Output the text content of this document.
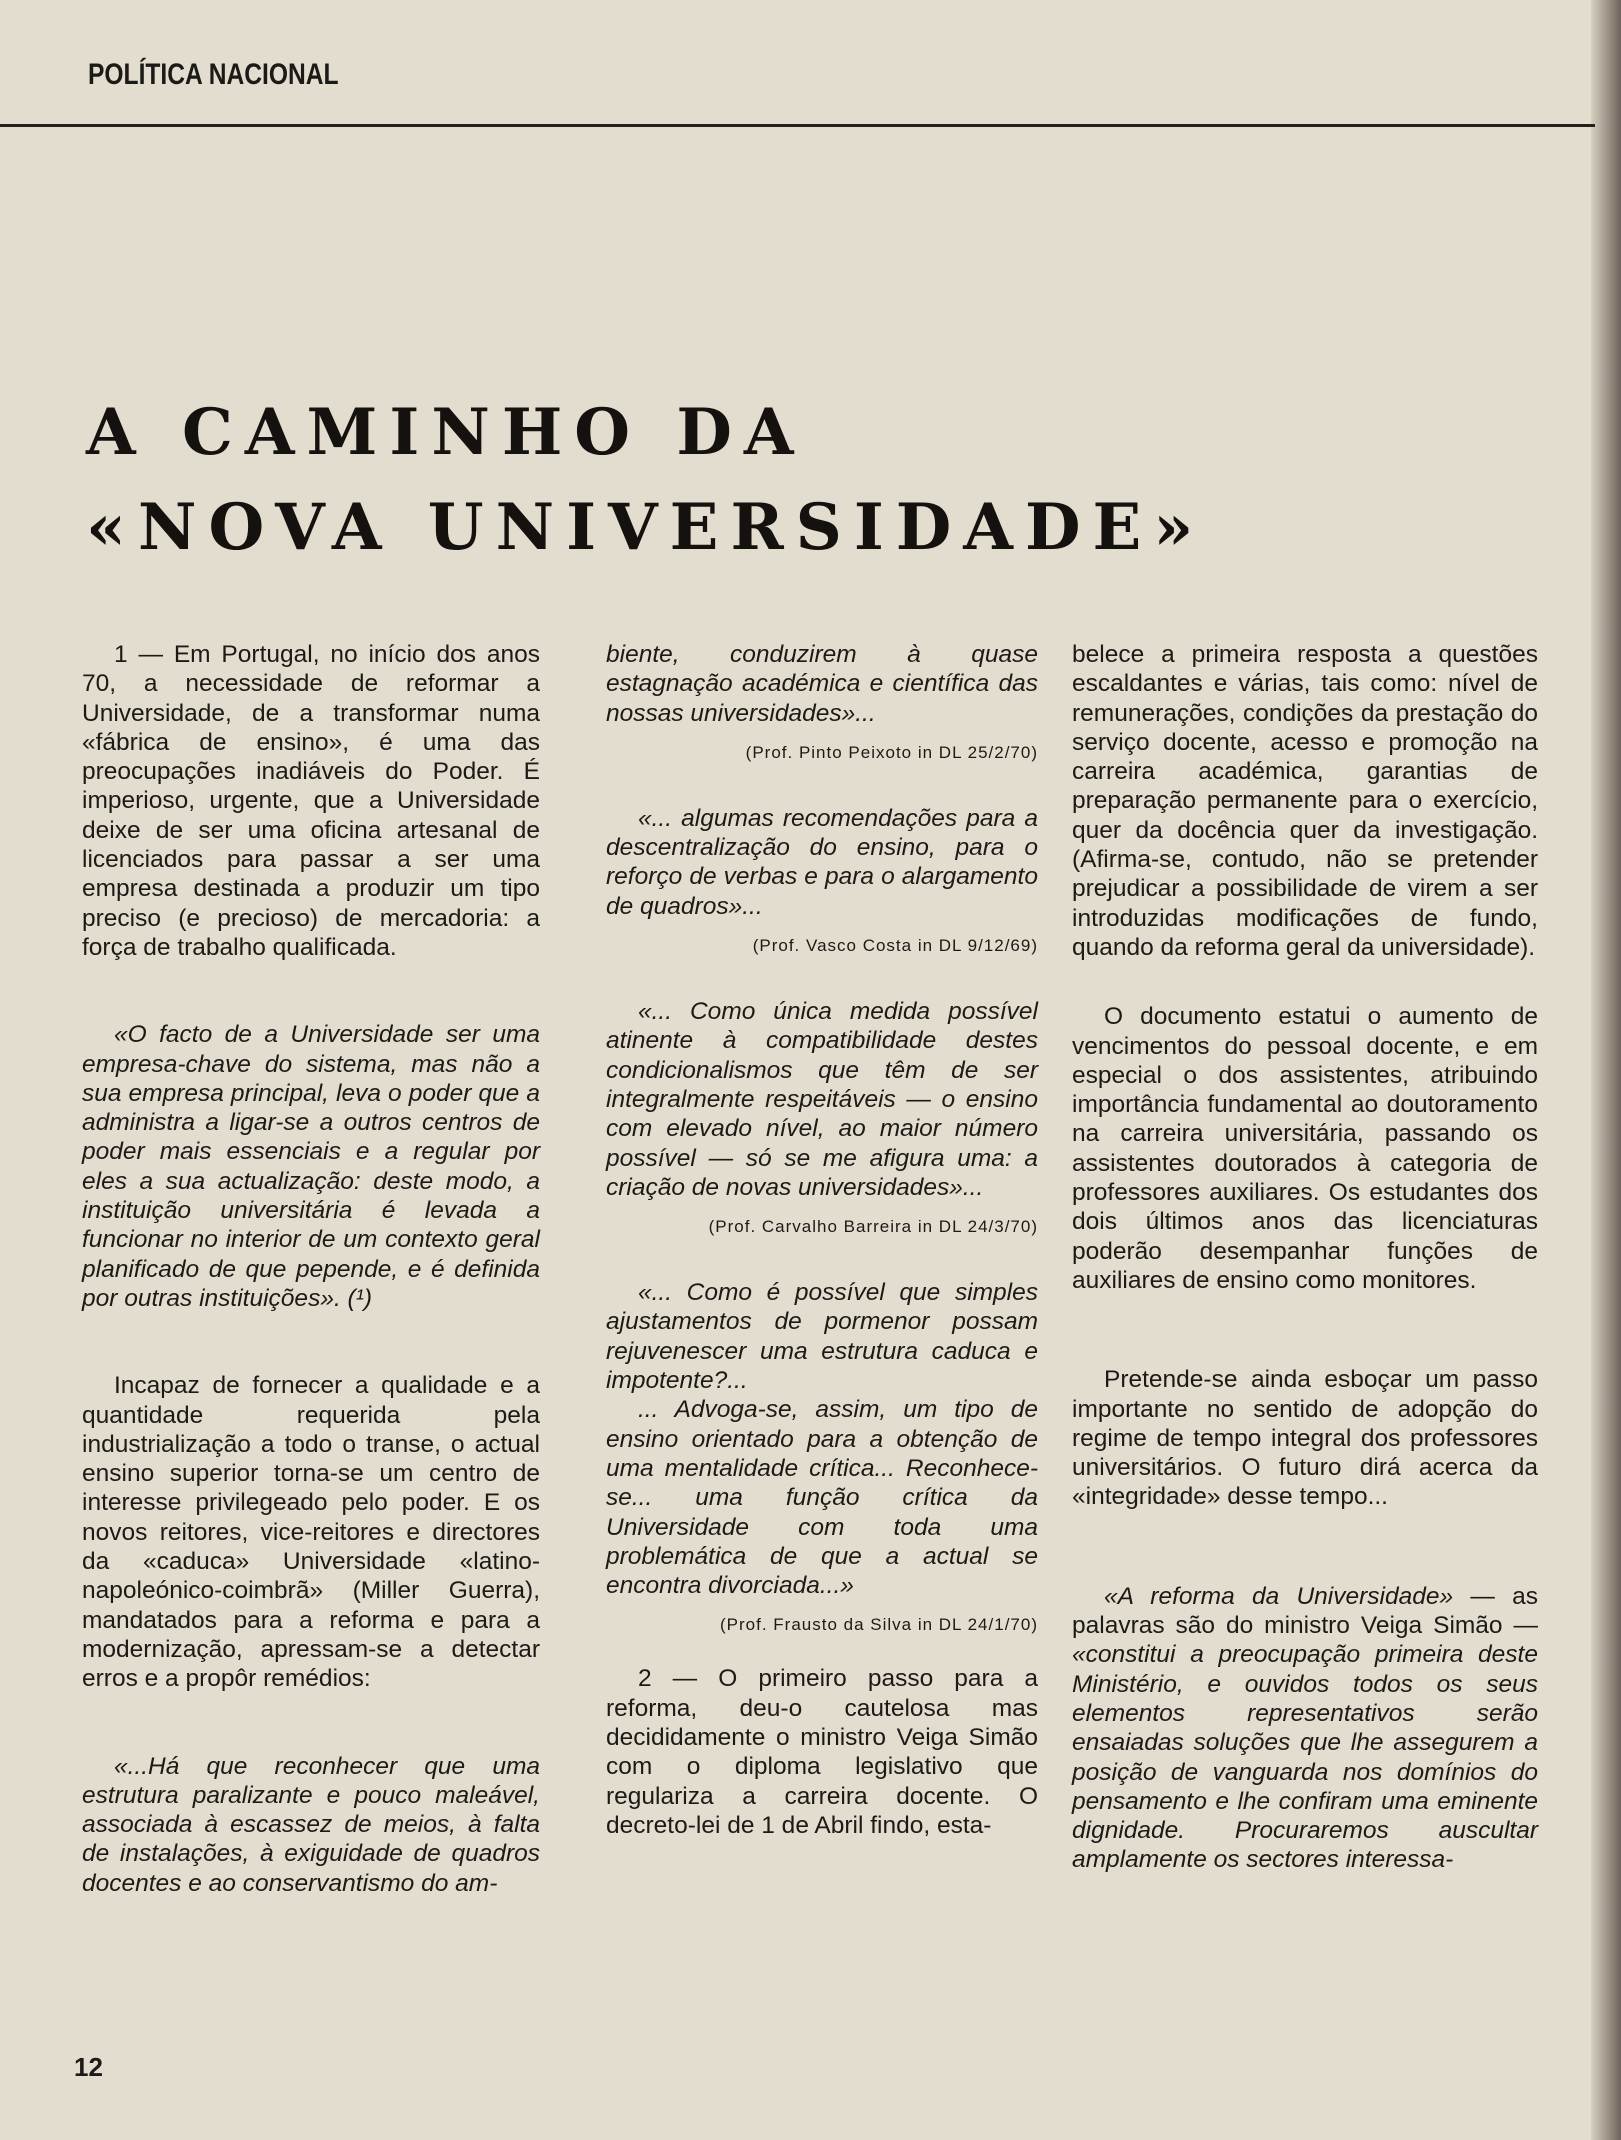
POLÍTICA NACIONAL
A CAMINHO DA
«NOVA UNIVERSIDADE»

1 — Em Portugal, no início dos anos 70, a necessidade de reformar a Universidade, de a transformar numa «fábrica de ensino», é uma das preocupações inadiáveis do Poder. É imperioso, urgente, que a Universidade deixe de ser uma oficina artesanal de licenciados para passar a ser uma empresa destinada a produzir um tipo preciso (e precioso) de mercadoria: a força de trabalho qualificada.

«O facto de a Universidade ser uma empresa-chave do sistema, mas não a sua empresa principal, leva o poder que a administra a ligar-se a outros centros de poder mais essenciais e a regular por eles a sua actualização: deste modo, a instituição universitária é levada a funcionar no interior de um contexto geral planificado de que pepende, e é definida por outras instituições». (¹)

Incapaz de fornecer a qualidade e a quantidade requerida pela industrialização a todo o transe, o actual ensino superior torna-se um centro de interesse privilegeado pelo poder. E os novos reitores, vice-reitores e directores da «caduca» Universidade «latino-napoleónico-coimbrã» (Miller Guerra), mandatados para a reforma e para a modernização, apressam-se a detectar erros e a propôr remédios:

«...Há que reconhecer que uma estrutura paralizante e pouco maleável, associada à escassez de meios, à falta de instalações, à exiguidade de quadros docentes e ao conservantismo do am-

biente, conduzirem à quase estagnação académica e científica das nossas universidades»...

(Prof. Pinto Peixoto in DL 25/2/70)

«... algumas recomendações para a descentralização do ensino, para o reforço de verbas e para o alargamento de quadros»...

(Prof. Vasco Costa in DL 9/12/69)

«... Como única medida possível atinente à compatibilidade destes condicionalismos que têm de ser integralmente respeitáveis — o ensino com elevado nível, ao maior número possível — só se me afigura uma: a criação de novas universidades»...

(Prof. Carvalho Barreira in DL 24/3/70)

«... Como é possível que simples ajustamentos de pormenor possam rejuvenescer uma estrutura caduca e impotente?...

... Advoga-se, assim, um tipo de ensino orientado para a obtenção de uma mentalidade crítica... Reconhece-se... uma função crítica da Universidade com toda uma problemática de que a actual se encontra divorciada...»

(Prof. Frausto da Silva in DL 24/1/70)

2 — O primeiro passo para a reforma, deu-o cautelosa mas decididamente o ministro Veiga Simão com o diploma legislativo que regulariza a carreira docente. O decreto-lei de 1 de Abril findo, esta-

belece a primeira resposta a questões escaldantes e várias, tais como: nível de remunerações, condições da prestação do serviço docente, acesso e promoção na carreira académica, garantias de preparação permanente para o exercício, quer da docência quer da investigação. (Afirma-se, contudo, não se pretender prejudicar a possibilidade de virem a ser introduzidas modificações de fundo, quando da reforma geral da universidade).

O documento estatui o aumento de vencimentos do pessoal docente, e em especial o dos assistentes, atribuindo importância fundamental ao doutoramento na carreira universitária, passando os assistentes doutorados à categoria de professores auxiliares. Os estudantes dos dois últimos anos das licenciaturas poderão desempanhar funções de auxiliares de ensino como monitores.

Pretende-se ainda esboçar um passo importante no sentido de adopção do regime de tempo integral dos professores universitários. O futuro dirá acerca da «integridade» desse tempo...

«A reforma da Universidade» — as palavras são do ministro Veiga Simão — «constitui a preocupação primeira deste Ministério, e ouvidos todos os seus elementos representativos serão ensaiadas soluções que lhe assegurem a posição de vanguarda nos domínios do pensamento e lhe confiram uma eminente dignidade. Procuraremos auscultar amplamente os sectores interessa-

12
